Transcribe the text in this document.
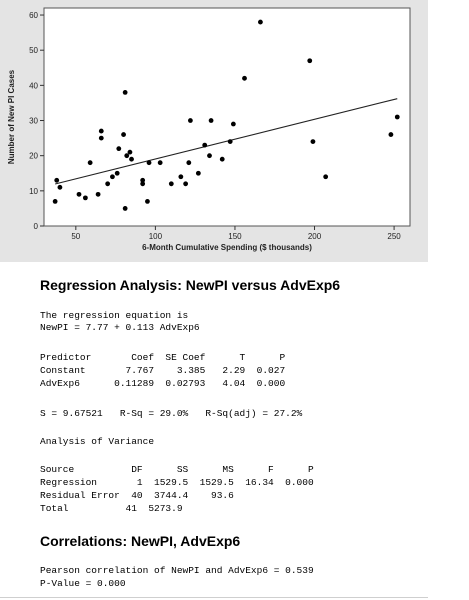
0
10
20
30
40
50
60
50	100	150	200	250
6-Month Cumulative Spending ($ thousands)
Number of New PI Cases
Regression Analysis: NewPI versus AdvExp6
The regression equation is
NewPI = 7.77 + 0.113 AdvExp6
Predictor       Coef  SE Coef      T      P
Constant       7.767    3.385   2.29  0.027
AdvExp6      0.11289  0.02793   4.04  0.000
S = 9.67521   R-Sq = 29.0%   R-Sq(adj) = 27.2%
Analysis of Variance
Source          DF      SS      MS      F      P
Regression       1  1529.5  1529.5  16.34  0.000
Residual Error  40  3744.4    93.6
Total          41  5273.9
Correlations: NewPI, AdvExp6
Pearson correlation of NewPI and AdvExp6 = 0.539
P-Value = 0.000
